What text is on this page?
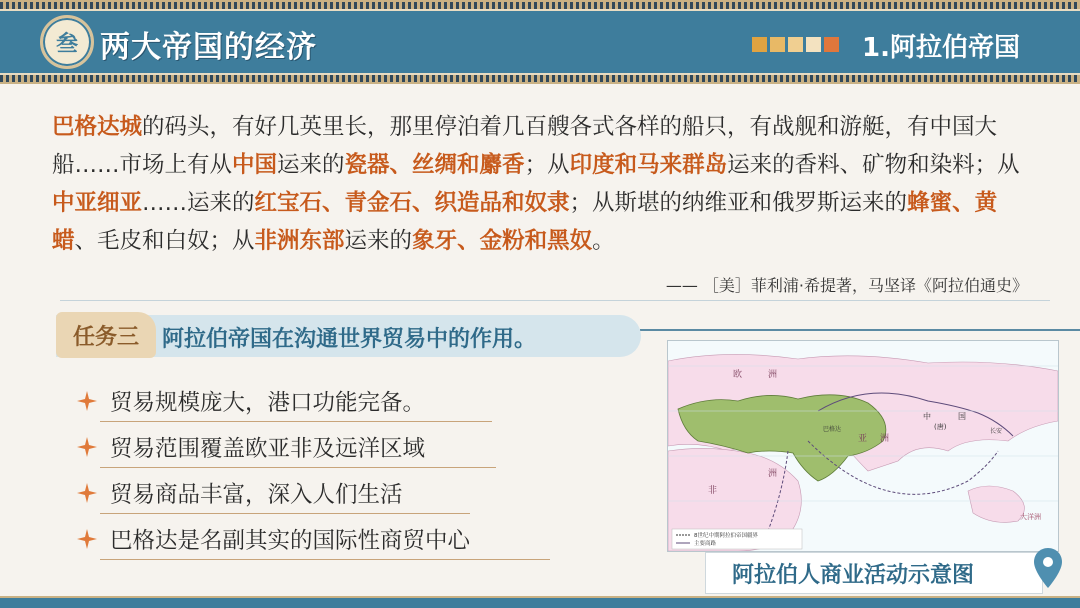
叁 两大帝国的经济	1.阿拉伯帝国
巴格达城的码头，有好几英里长，那里停泊着几百艘各式各样的船只，有战舰和游艇，有中国大船……市场上有从中国运来的瓷器、丝绸和麝香；从印度和马来群岛运来的香料、矿物和染料；从中亚细亚……运来的红宝石、青金石、织造品和奴隶；从斯堪的纳维亚和俄罗斯运来的蜂蜜、黄蜡、毛皮和白奴；从非洲东部运来的象牙、金粉和黑奴。
—— ［美］菲利浦·希提著，马坚译《阿拉伯通史》
任务三	阿拉伯帝国在沟通世界贸易中的作用。
贸易规模庞大，港口功能完备。
贸易范围覆盖欧亚非及远洋区域
贸易商品丰富，深入人们生活
巴格达是名副其实的国际性商贸中心
欧	洲
亚 洲
非
洲
中	国
(唐)
巴格达	长安
大洋洲
8世纪中期阿拉伯帝国疆界
主要商路
阿拉伯人商业活动示意图
